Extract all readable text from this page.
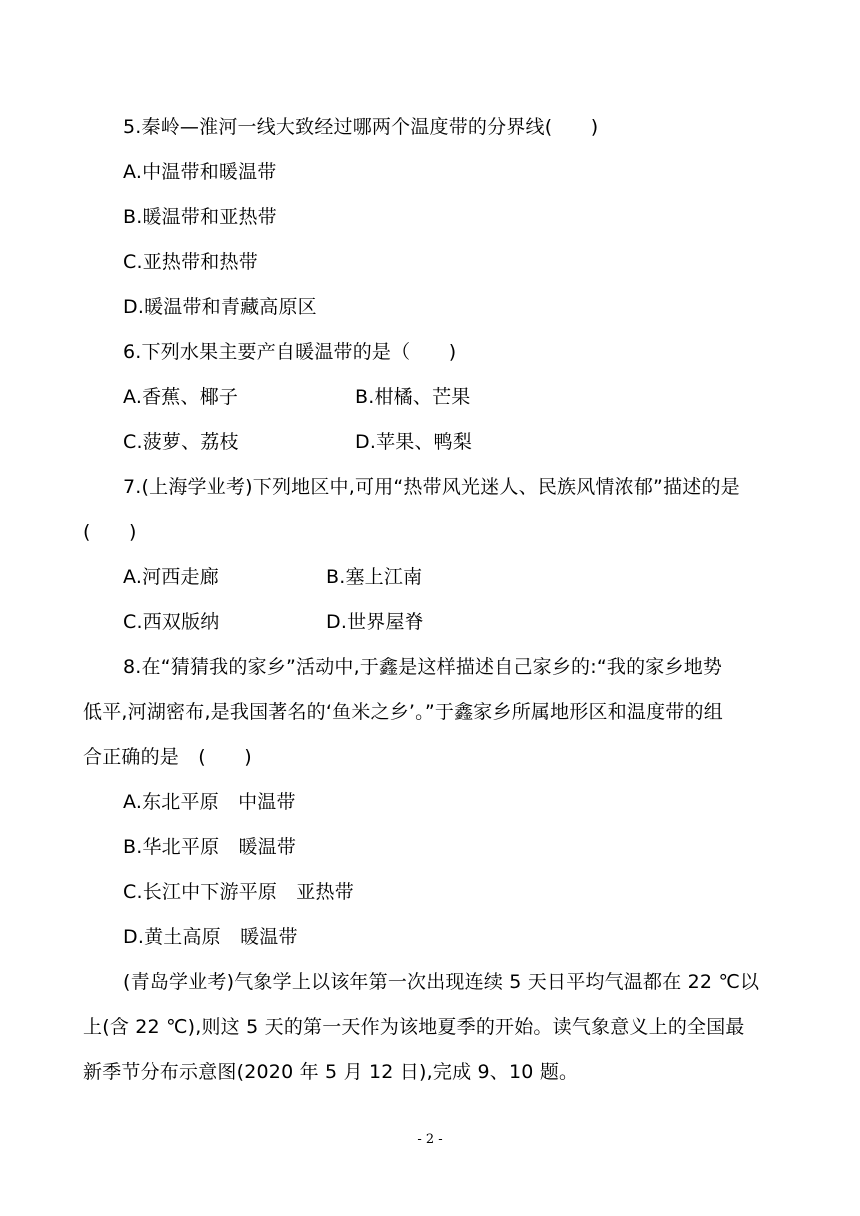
5.秦岭—淮河一线大致经过哪两个温度带的分界线(　　)
A.中温带和暖温带
B.暖温带和亚热带
C.亚热带和热带
D.暖温带和青藏高原区
6.下列水果主要产自暖温带的是（　　)
A.香蕉、椰子	B.柑橘、芒果
C.菠萝、荔枝	D.苹果、鸭梨
7.(上海学业考)下列地区中,可用“热带风光迷人、民族风情浓郁”描述的是
(　　)
A.河西走廊	B.塞上江南
C.西双版纳	D.世界屋脊
8.在“猜猜我的家乡”活动中,于鑫是这样描述自己家乡的:“我的家乡地势
低平,河湖密布,是我国著名的‘鱼米之乡’。”于鑫家乡所属地形区和温度带的组
合正确的是　(　　)
A.东北平原　中温带
B.华北平原　暖温带
C.长江中下游平原　亚热带
D.黄土高原　暖温带
(青岛学业考)气象学上以该年第一次出现连续 5 天日平均气温都在 22 ℃以
上(含 22 ℃),则这 5 天的第一天作为该地夏季的开始。读气象意义上的全国最
新季节分布示意图(2020 年 5 月 12 日),完成 9、10 题。
- 2 -
